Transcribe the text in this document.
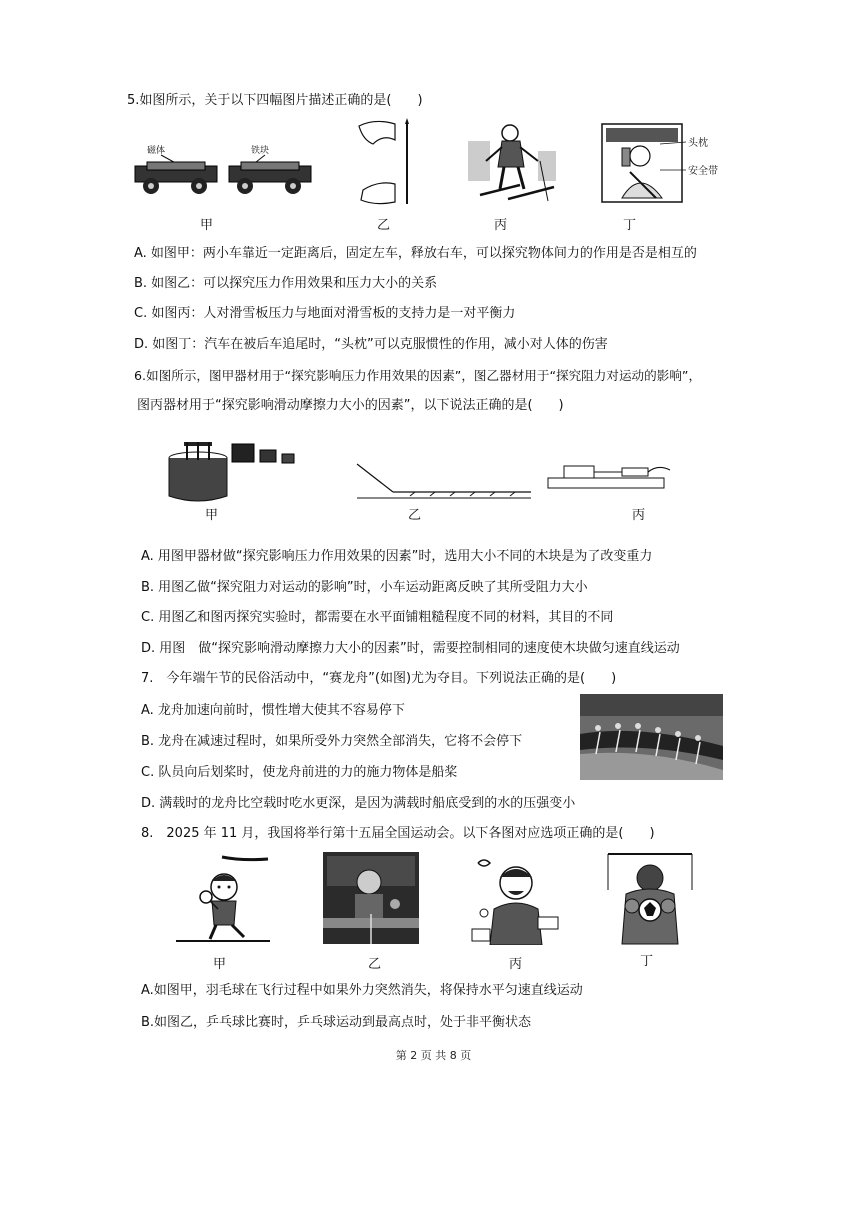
5.如图所示，关于以下四幅图片描述正确的是(　　)
磁体	铁块
头枕
安全带
甲	乙	丙	丁
A. 如图甲：两小车靠近一定距离后，固定左车，释放右车，可以探究物体间力的作用是否是相互的
B. 如图乙：可以探究压力作用效果和压力大小的关系
C. 如图丙：人对滑雪板压力与地面对滑雪板的支持力是一对平衡力
D. 如图丁：汽车在被后车追尾时，“头枕”可以克服惯性的作用，减小对人体的伤害
6.如图所示，图甲器材用于“探究影响压力作用效果的因素”，图乙器材用于“探究阻力对运动的影响”，
图丙器材用于“探究影响滑动摩擦力大小的因素”，以下说法正确的是(　　)
甲	乙	丙
A. 用图甲器材做“探究影响压力作用效果的因素”时，选用大小不同的木块是为了改变重力
B. 用图乙做“探究阻力对运动的影响”时，小车运动距离反映了其所受阻力大小
C. 用图乙和图丙探究实验时，都需要在水平面铺粗糙程度不同的材料，其目的不同
D. 用图　做“探究影响滑动摩擦力大小的因素”时，需要控制相同的速度使木块做匀速直线运动
7.　今年端午节的民俗活动中，“赛龙舟”(如图)尤为夺目。下列说法正确的是(　　)
A. 龙舟加速向前时，惯性增大使其不容易停下
B. 龙舟在减速过程时，如果所受外力突然全部消失，它将不会停下
C. 队员向后划桨时，使龙舟前进的力的施力物体是船桨
D. 满载时的龙舟比空载时吃水更深，是因为满载时船底受到的水的压强变小
8.　2025 年 11 月，我国将举行第十五届全国运动会。以下各图对应选项正确的是(　　)
甲	乙	丙	丁
A.如图甲，羽毛球在飞行过程中如果外力突然消失，将保持水平匀速直线运动
B.如图乙，乒乓球比赛时，乒乓球运动到最高点时，处于非平衡状态
第 2 页 共 8 页
